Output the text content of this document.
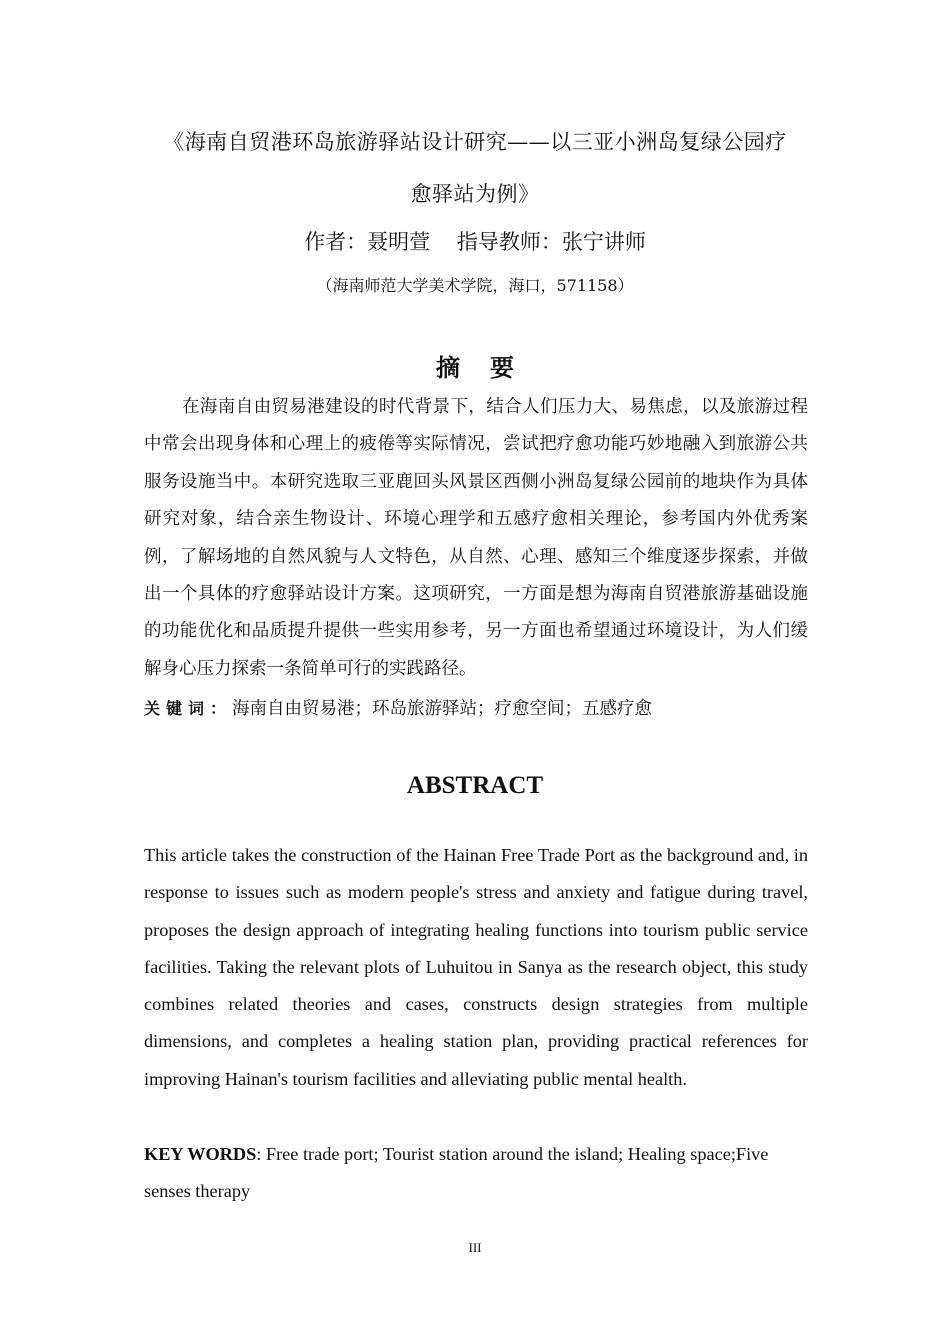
《海南自贸港环岛旅游驿站设计研究——以三亚小洲岛复绿公园疗

愈驿站为例》

作者：聂明萱    指导教师：张宁讲师

（海南师范大学美术学院，海口，571158）

摘要

在海南自由贸易港建设的时代背景下，结合人们压力大、易焦虑，以及旅游过程中常会出现身体和心理上的疲倦等实际情况，尝试把疗愈功能巧妙地融入到旅游公共服务设施当中。本研究选取三亚鹿回头风景区西侧小洲岛复绿公园前的地块作为具体研究对象，结合亲生物设计、环境心理学和五感疗愈相关理论，参考国内外优秀案例，了解场地的自然风貌与人文特色，从自然、心理、感知三个维度逐步探索，并做出一个具体的疗愈驿站设计方案。这项研究，一方面是想为海南自贸港旅游基础设施的功能优化和品质提升提供一些实用参考，另一方面也希望通过环境设计，为人们缓解身心压力探索一条简单可行的实践路径。

关键词：海南自由贸易港；环岛旅游驿站；疗愈空间；五感疗愈

ABSTRACT

This article takes the construction of the Hainan Free Trade Port as the background and, in response to issues such as modern people's stress and anxiety and fatigue during travel, proposes the design approach of integrating healing functions into tourism public service facilities. Taking the relevant plots of Luhuitou in Sanya as the research object, this study combines related theories and cases, constructs design strategies from multiple dimensions, and completes a healing station plan, providing practical references for improving Hainan's tourism facilities and alleviating public mental health.

KEY WORDS: Free trade port; Tourist station around the island; Healing space;Five senses therapy

III
